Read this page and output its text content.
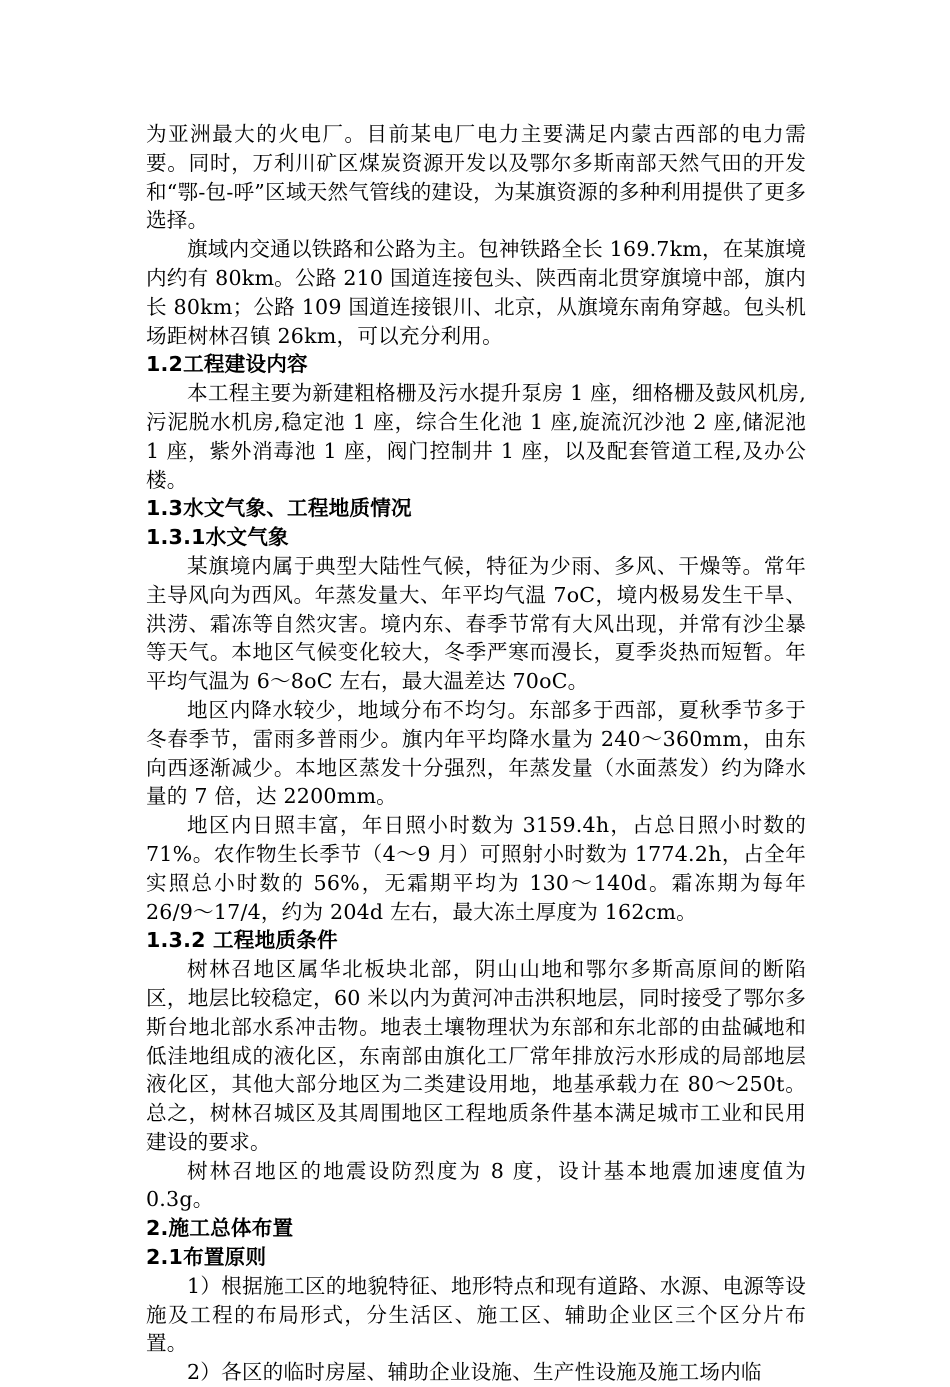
为亚洲最大的火电厂。目前某电厂电力主要满足内蒙古西部的电力需要。同时，万利川矿区煤炭资源开发以及鄂尔多斯南部天然气田的开发和“鄂-包-呼”区域天然气管线的建设，为某旗资源的多种利用提供了更多选择。

旗域内交通以铁路和公路为主。包神铁路全长 169.7km，在某旗境内约有 80km。公路 210 国道连接包头、陕西南北贯穿旗境中部，旗内长 80km；公路 109 国道连接银川、北京，从旗境东南角穿越。包头机场距树林召镇 26km，可以充分利用。

1.2工程建设内容

本工程主要为新建粗格栅及污水提升泵房 1 座，细格栅及鼓风机房,污泥脱水机房,稳定池 1 座，综合生化池 1 座,旋流沉沙池 2 座,储泥池 1 座，紫外消毒池 1 座，阀门控制井 1 座，以及配套管道工程,及办公楼。

1.3水文气象、工程地质情况

1.3.1水文气象

某旗境内属于典型大陆性气候，特征为少雨、多风、干燥等。常年主导风向为西风。年蒸发量大、年平均气温 7oC，境内极易发生干旱、洪涝、霜冻等自然灾害。境内东、春季节常有大风出现，并常有沙尘暴等天气。本地区气候变化较大，冬季严寒而漫长，夏季炎热而短暂。年平均气温为 6～8oC 左右，最大温差达 70oC。

地区内降水较少，地域分布不均匀。东部多于西部，夏秋季节多于冬春季节，雷雨多普雨少。旗内年平均降水量为 240～360mm，由东向西逐渐减少。本地区蒸发十分强烈，年蒸发量（水面蒸发）约为降水量的 7 倍，达 2200mm。

地区内日照丰富，年日照小时数为 3159.4h，占总日照小时数的 71%。农作物生长季节（4～9 月）可照射小时数为 1774.2h，占全年实照总小时数的 56%，无霜期平均为 130～140d。霜冻期为每年 26/9～17/4，约为 204d 左右，最大冻土厚度为 162cm。

1.3.2 工程地质条件

树林召地区属华北板块北部，阴山山地和鄂尔多斯高原间的断陷区，地层比较稳定，60 米以内为黄河冲击洪积地层，同时接受了鄂尔多斯台地北部水系冲击物。地表土壤物理状为东部和东北部的由盐碱地和低洼地组成的液化区，东南部由旗化工厂常年排放污水形成的局部地层液化区，其他大部分地区为二类建设用地，地基承载力在 80～250t。总之，树林召城区及其周围地区工程地质条件基本满足城市工业和民用建设的要求。

树林召地区的地震设防烈度为 8 度，设计基本地震加速度值为 0.3g。

2.施工总体布置

2.1布置原则

1）根据施工区的地貌特征、地形特点和现有道路、水源、电源等设施及工程的布局形式，分生活区、施工区、辅助企业区三个区分片布置。

2）各区的临时房屋、辅助企业设施、生产性设施及施工场内临
